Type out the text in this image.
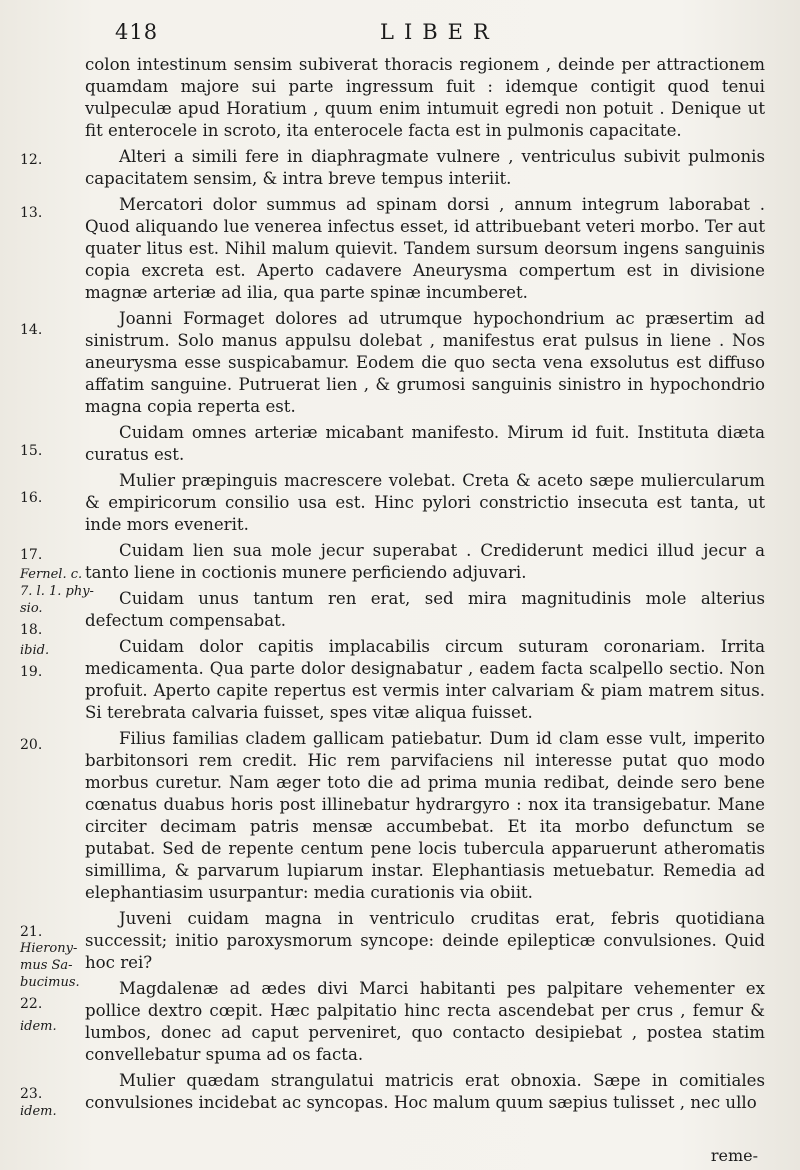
418	LIBER
12.
13.
14.
15.
16.
17.
Fernel. c. 7. l. 1. phy-sio.
18.
ibid.
19.
20.
21.
Hierony-mus Sa-bucimus.
22.
idem.
23.
idem.

colon intestinum sensim subiverat thoracis regionem , deinde per attractionem quamdam majore sui parte ingressum fuit : idemque contigit quod tenui vulpeculæ apud Horatium , quum enim intumuit egredi non potuit . Denique ut fit enterocele in scroto, ita enterocele facta est in pulmonis capacitate.

Alteri a simili fere in diaphragmate vulnere , ventriculus subivit pulmonis capacitatem sensim, & intra breve tempus interiit.

Mercatori dolor summus ad spinam dorsi , annum integrum laborabat . Quod aliquando lue venerea infectus esset, id attribuebant veteri morbo. Ter aut quater litus est. Nihil malum quievit. Tandem sursum deorsum ingens sanguinis copia excreta est. Aperto cadavere Aneurysma compertum est in divisione magnæ arteriæ ad ilia, qua parte spinæ incumberet.

Joanni Formaget dolores ad utrumque hypochondrium ac præsertim ad sinistrum. Solo manus appulsu dolebat , manifestus erat pulsus in liene . Nos aneurysma esse suspicabamur. Eodem die quo secta vena exsolutus est diffuso affatim sanguine. Putruerat lien , & grumosi sanguinis sinistro in hypochondrio magna copia reperta est.

Cuidam omnes arteriæ micabant manifesto. Mirum id fuit. Instituta diæta curatus est.

Mulier præpinguis macrescere volebat. Creta & aceto sæpe muliercularum & empiricorum consilio usa est. Hinc pylori constrictio insecuta est tanta, ut inde mors evenerit.

Cuidam lien sua mole jecur superabat . Crediderunt medici illud jecur a tanto liene in coctionis munere perficiendo adjuvari.

Cuidam unus tantum ren erat, sed mira magnitudinis mole alterius defectum compensabat.

Cuidam dolor capitis implacabilis circum suturam coronariam. Irrita medicamenta. Qua parte dolor designabatur , eadem facta scalpello sectio. Non profuit. Aperto capite repertus est vermis inter calvariam & piam matrem situs. Si terebrata calvaria fuisset, spes vitæ aliqua fuisset.

Filius familias cladem gallicam patiebatur. Dum id clam esse vult, imperito barbitonsori rem credit. Hic rem parvifaciens nil interesse putat quo modo morbus curetur. Nam æger toto die ad prima munia redibat, deinde sero bene cœnatus duabus horis post illinebatur hydrargyro : nox ita transigebatur. Mane circiter decimam patris mensæ accumbebat. Et ita morbo defunctum se putabat. Sed de repente centum pene locis tubercula apparuerunt atheromatis simillima, & parvarum lupiarum instar. Elephantiasis metuebatur. Remedia ad elephantiasim usurpantur: media curationis via obiit.

Juveni cuidam magna in ventriculo cruditas erat, febris quotidiana successit; initio paroxysmorum syncope: deinde epilepticæ convulsiones. Quid hoc rei?

Magdalenæ ad ædes divi Marci habitanti pes palpitare vehementer ex pollice dextro cœpit. Hæc palpitatio hinc recta ascendebat per crus , femur & lumbos, donec ad caput perveniret, quo contacto desipiebat , postea statim convellebatur spuma ad os facta.

Mulier quædam strangulatui matricis erat obnoxia. Sæpe in comitiales convulsiones incidebat ac syncopas. Hoc malum quum sæpius tulisset , nec ullo

reme-
